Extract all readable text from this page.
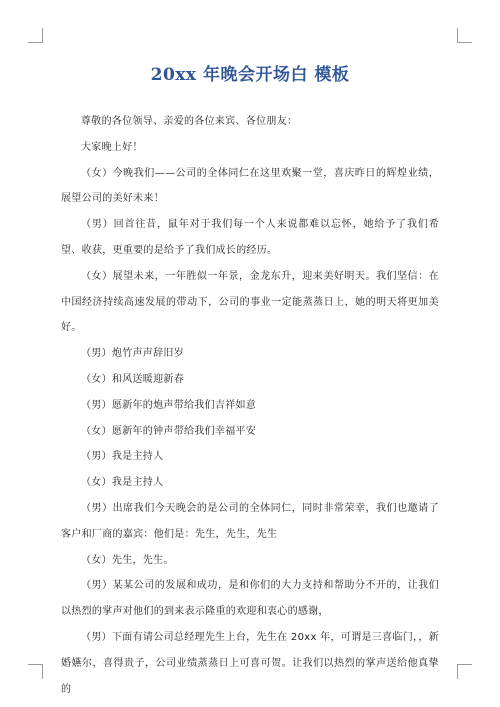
20xx 年晚会开场白 模板

尊敬的各位领导、亲爱的各位来宾、各位朋友：

大家晚上好！

（女）今晚我们——公司的全体同仁在这里欢聚一堂，喜庆昨日的辉煌业绩，展望公司的美好未来！

（男）回首往昔，鼠年对于我们每一个人来说都难以忘怀，她给予了我们希望、收获，更重要的是给予了我们成长的经历。

（女）展望未来，一年胜似一年景，金龙东升，迎来美好明天。我们坚信：在中国经济持续高速发展的带动下，公司的事业一定能蒸蒸日上，她的明天将更加美好。

（男）炮竹声声辞旧岁

（女）和风送暖迎新春

（男）愿新年的炮声带给我们吉祥如意

（女）愿新年的钟声带给我们幸福平安

（男）我是主持人

（女）我是主持人

（男）出席我们今天晚会的是公司的全体同仁，同时非常荣幸，我们也邀请了客户和厂商的嘉宾：他们是：先生，先生，先生

（女）先生，先生。

（男）某某公司的发展和成功，是和你们的大力支持和帮助分不开的，让我们以热烈的掌声对他们的到来表示隆重的欢迎和衷心的感谢，

（男）下面有请公司总经理先生上台，先生在 20xx 年，可谓是三喜临门，，新婚嬿尔，喜得贵子，公司业绩蒸蒸日上可喜可贺。让我们以热烈的掌声送给他真挚的
